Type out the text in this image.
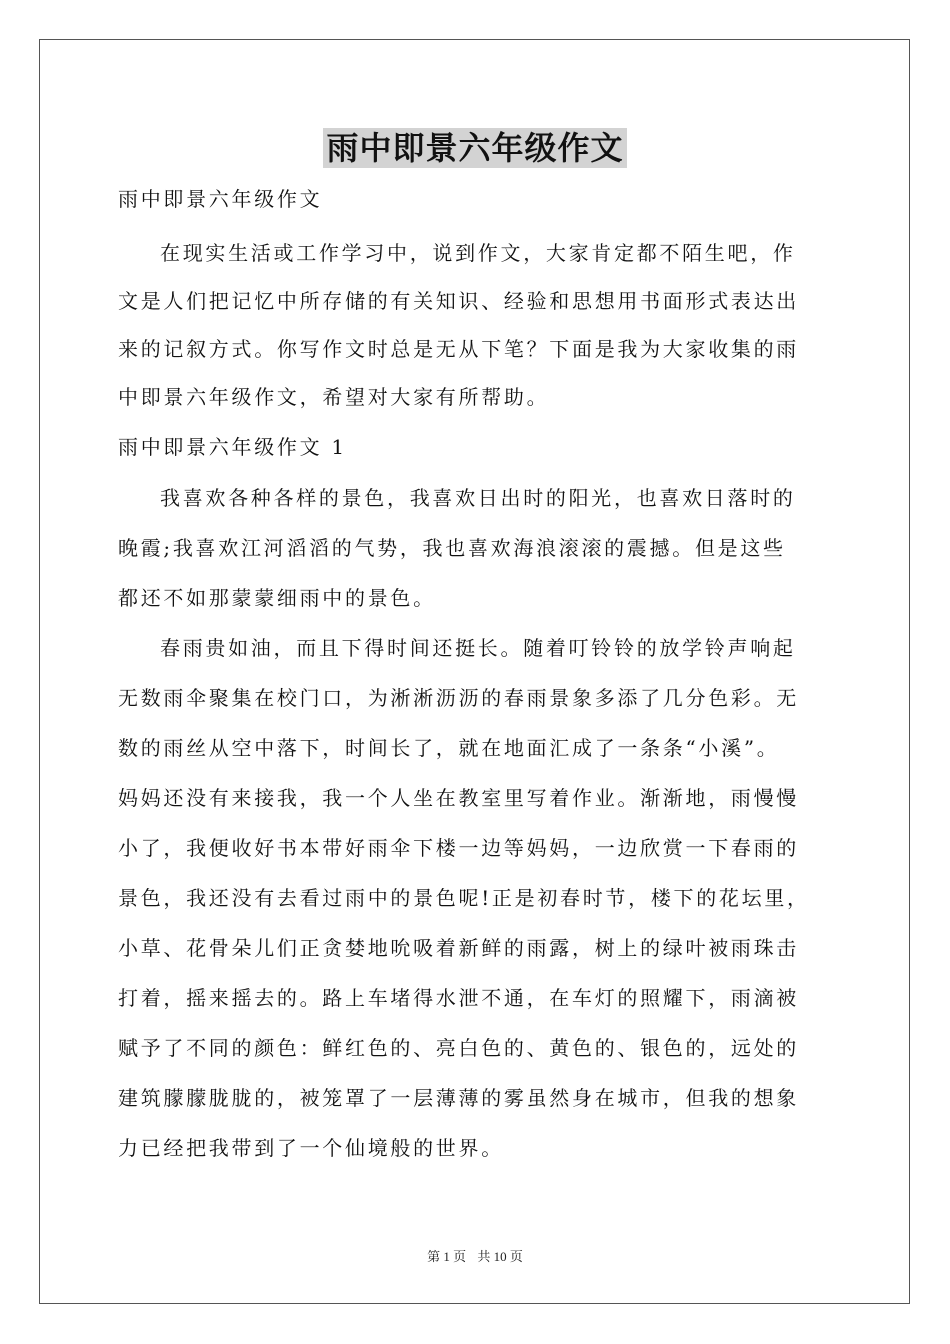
雨中即景六年级作文
雨中即景六年级作文
在现实生活或工作学习中，说到作文，大家肯定都不陌生吧，作
文是人们把记忆中所存储的有关知识、经验和思想用书面形式表达出
来的记叙方式。你写作文时总是无从下笔？下面是我为大家收集的雨
中即景六年级作文，希望对大家有所帮助。
雨中即景六年级作文 1
我喜欢各种各样的景色，我喜欢日出时的阳光，也喜欢日落时的
晚霞;我喜欢江河滔滔的气势，我也喜欢海浪滚滚的震撼。但是这些
都还不如那蒙蒙细雨中的景色。
春雨贵如油，而且下得时间还挺长。随着叮铃铃的放学铃声响起
无数雨伞聚集在校门口，为淅淅沥沥的春雨景象多添了几分色彩。无
数的雨丝从空中落下，时间长了，就在地面汇成了一条条“小溪”。
妈妈还没有来接我，我一个人坐在教室里写着作业。渐渐地，雨慢慢
小了，我便收好书本带好雨伞下楼一边等妈妈，一边欣赏一下春雨的
景色，我还没有去看过雨中的景色呢!正是初春时节，楼下的花坛里，
小草、花骨朵儿们正贪婪地吮吸着新鲜的雨露，树上的绿叶被雨珠击
打着，摇来摇去的。路上车堵得水泄不通，在车灯的照耀下，雨滴被
赋予了不同的颜色：鲜红色的、亮白色的、黄色的、银色的，远处的
建筑朦朦胧胧的，被笼罩了一层薄薄的雾虽然身在城市，但我的想象
力已经把我带到了一个仙境般的世界。
第 1 页 共 10 页
